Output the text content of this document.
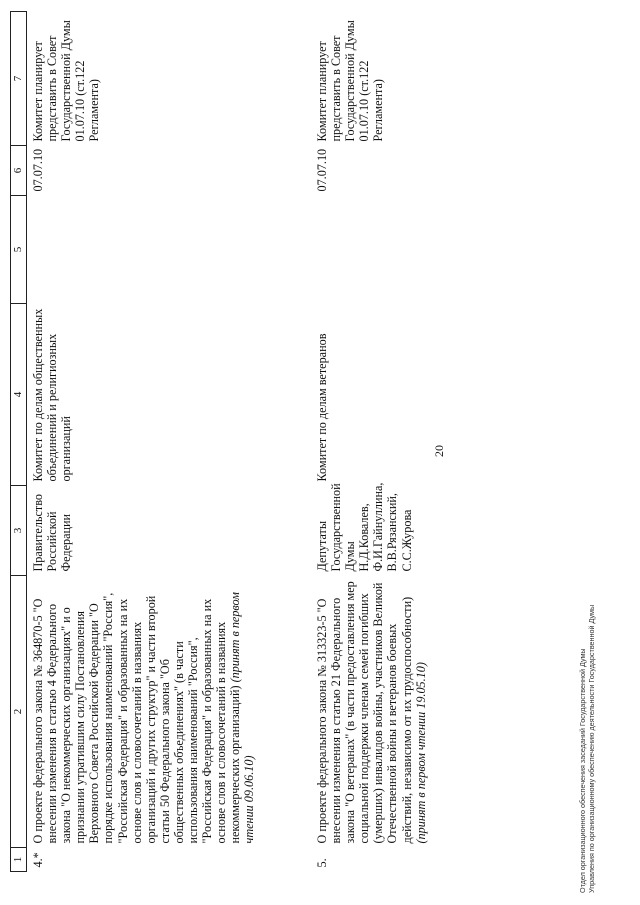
20
1	2	3	4	5	6	7
4.*	О проекте федерального закона № 364870-5 "О внесении изменения в статью 4 Федерального закона "О некоммерческих организациях" и о признании утратившим силу Постановления Верховного Совета Российской Федерации "О порядке использования наименований "Россия", "Российская Федерация" и образованных на их основе слов и словосочетаний в названиях организаций и других структур" и части второй статьи 50 Федерального закона "Об общественных объединениях" (в части использования наименований "Россия", "Российская Федерация" и образованных на их основе слов и словосочетаний в названиях некоммерческих организаций) (принят в первом чтении 09.06.10)	Правительство Российской Федерации	Комитет по делам общественных объединений и религиозных организаций		07.07.10	Комитет планирует представить в Совет Государственной Думы 01.07.10 (ст.122 Регламента)
5.	О проекте федерального закона № 313323-5 "О внесении изменения в статью 21 Федерального закона "О ветеранах" (в части предоставления мер социальной поддержки членам семей погибших (умерших) инвалидов войны, участников Великой Отечественной войны и ветеранов боевых действий, независимо от их трудоспособности) (принят в первом чтении 19.05.10)	Депутаты Государственной Думы Н.Д.Ковалев, Ф.И.Гайнуллина, В.В.Рязанский, С.С.Журова	Комитет по делам ветеранов		07.07.10	Комитет планирует представить в Совет Государственной Думы 01.07.10 (ст.122 Регламента)
Отдел организационного обеспечения заседаний Государственной Думы Управления по организационному обеспечению деятельности Государственной Думы
